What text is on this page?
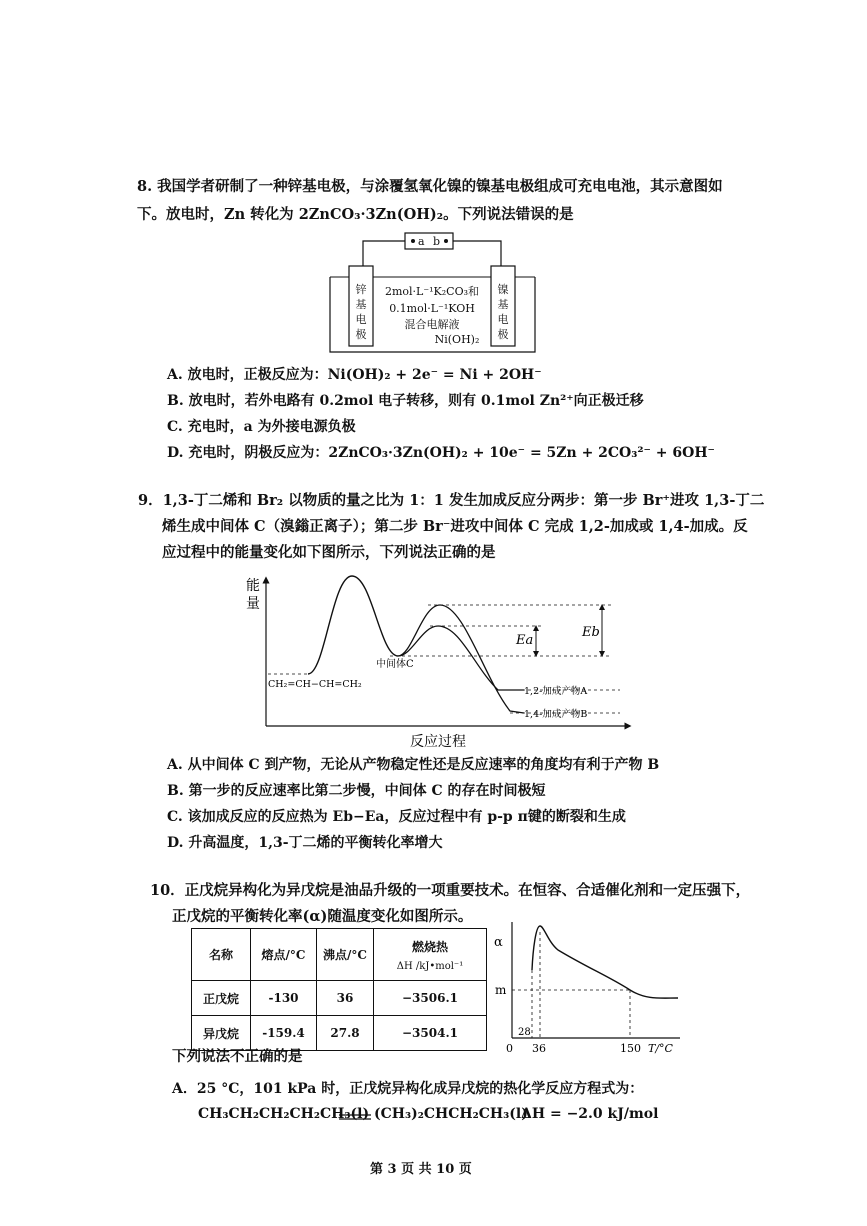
8. 我国学者研制了一种锌基电极，与涂覆氢氧化镍的镍基电极组成可充电电池，其示意图如
下。放电时，Zn 转化为 2ZnCO₃·3Zn(OH)₂。下列说法错误的是
a b
锌
基
电
极
镍
基
电
极
2mol·L⁻¹K₂CO₃和
0.1mol·L⁻¹KOH
混合电解液
Ni(OH)₂
A. 放电时，正极反应为：Ni(OH)₂ + 2e⁻ = Ni + 2OH⁻
B. 放电时，若外电路有 0.2mol 电子转移，则有 0.1mol Zn²⁺向正极迁移
C. 充电时，a 为外接电源负极
D. 充电时，阴极反应为：2ZnCO₃·3Zn(OH)₂ + 10e⁻ = 5Zn + 2CO₃²⁻ + 6OH⁻
9．1,3-丁二烯和 Br₂ 以物质的量之比为 1：1 发生加成反应分两步：第一步 Br⁺进攻 1,3-丁二
烯生成中间体 C（溴鎓正离子）；第二步 Br⁻进攻中间体 C 完成 1,2-加成或 1,4-加成。反
应过程中的能量变化如下图所示，下列说法正确的是
能
量
反应过程
Ea
Eb
CH₂=CH−CH=CH₂
中间体C
1,2-加成产物A
1,4-加成产物B
A. 从中间体 C 到产物，无论从产物稳定性还是反应速率的角度均有利于产物 B
B. 第一步的反应速率比第二步慢，中间体 C 的存在时间极短
C. 该加成反应的反应热为 Eb−Ea，反应过程中有 p-p π键的断裂和生成
D. 升高温度，1,3-丁二烯的平衡转化率增大
10．正戊烷异构化为异戊烷是油品升级的一项重要技术。在恒容、合适催化剂和一定压强下，
正戊烷的平衡转化率(α)随温度变化如图所示。
名称	熔点/°C	沸点/°C	燃烧热
ΔH /kJ•mol⁻¹

正戊烷	-130	36	−3506.1
异戊烷	-159.4	27.8	−3504.1
α
m
28
0 36	150 T/°C
下列说法不正确的是
A．25 °C，101 kPa 时，正戊烷异构化成异戊烷的热化学反应方程式为：
CH₃CH₂CH₂CH₂CH₃(l) (CH₃)₂CHCH₂CH₃(l)
ΔH = −2.0 kJ/mol
第 3 页 共 10 页
